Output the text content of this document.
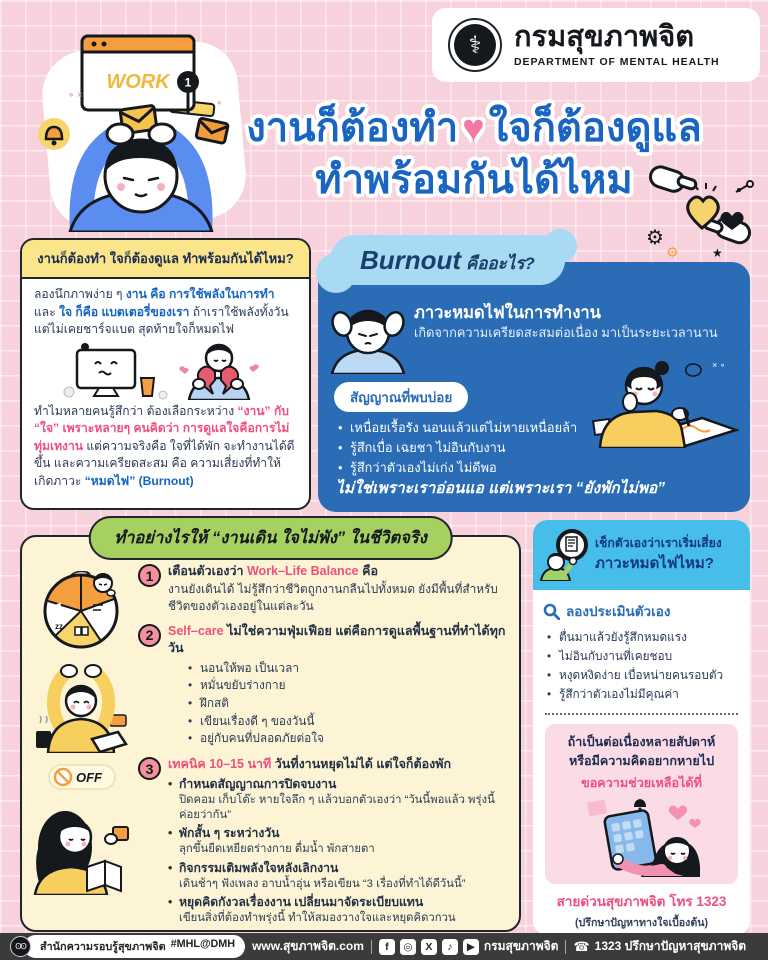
WORK 1
∘ ×
∘
⚕	กรมสุขภาพจิต
DEPARTMENT OF MENTAL HEALTH
งานก็ต้องทำ ♥ ใจก็ต้องดูแล
ทำพร้อมกันได้ไหม
⚙
⚙	★
งานก็ต้องทำ ใจก็ต้องดูแล ทำพร้อมกันได้ไหม?
ลองนึกภาพง่าย ๆ งาน คือ การใช้พลังในการทำ และ ใจ ก็คือ แบตเตอรี่ของเรา ถ้าเราใช้พลังทั้งวันแต่ไม่เคยชาร์จแบต สุดท้ายใจก็หมดไฟ
ทำไมหลายคนรู้สึกว่า ต้องเลือกระหว่าง “งาน” กับ “ใจ” เพราะหลายๆ คนคิดว่า การดูแลใจคือการไม่ทุ่มเทงาน แต่ความจริงคือ ใจที่ได้พัก จะทำงานได้ดีขึ้น และความเครียดสะสม คือ ความเสี่ยงที่ทำให้เกิดภาวะ “หมดไฟ” (Burnout)
Burnout คืออะไร?
ภาวะหมดไฟในการทำงาน
เกิดจากความเครียดสะสมต่อเนื่อง มาเป็นระยะเวลานาน
สัญญาณที่พบบ่อย
• เหนื่อยเรื้อรัง นอนแล้วแต่ไม่หายเหนื่อยล้า
• รู้สึกเบื่อ เฉยชา ไม่อินกับงาน
• รู้สึกว่าตัวเองไม่เก่ง ไม่ดีพอ
× ∘
ไม่ใช่เพราะเราอ่อนแอ แต่เพราะเรา “ยังพักไม่พอ”
ทำอย่างไรให้ “งานเดิน ใจไม่พัง” ในชีวิตจริง
zz
OFF
1	เตือนตัวเองว่า Work–Life Balance คือ
งานยังเดินได้ ไม่รู้สึกว่าชีวิตถูกงานกลืนไปทั้งหมด ยังมีพื้นที่สำหรับชีวิตของตัวเองอยู่ในแต่ละวัน
2	Self–care ไม่ใช่ความฟุ่มเฟือย แต่คือการดูแลพื้นฐานที่ทำได้ทุกวัน
• นอนให้พอ เป็นเวลา
• หมั่นขยับร่างกาย
• ฝึกสติ
• เขียนเรื่องดี ๆ ของวันนี้
• อยู่กับคนที่ปลอดภัยต่อใจ
3	เทคนิค 10–15 นาที วันที่งานหยุดไม่ได้ แต่ใจก็ต้องพัก
• กำหนดสัญญาณการปิดจบงาน
ปิดคอม เก็บโต๊ะ หายใจลึก ๆ แล้วบอกตัวเองว่า “วันนี้พอแล้ว พรุ่งนี้ค่อยว่ากัน”
• พักสั้น ๆ ระหว่างวัน
ลุกขึ้นยืดเหยียดร่างกาย ดื่มน้ำ พักสายตา
• กิจกรรมเติมพลังใจหลังเลิกงาน
เดินช้าๆ ฟังเพลง อาบน้ำอุ่น หรือเขียน “3 เรื่องที่ทำได้ดีวันนี้”
• หยุดคิดกังวลเรื่องงาน เปลี่ยนมาจัดระเบียบแทน
เขียนสิ่งที่ต้องทำพรุ่งนี้ ทำให้สมองวางใจและหยุดคิดวกวน
เช็กตัวเองว่าเราเริ่มเสี่ยง
ภาวะหมดไฟไหม?
ลองประเมินตัวเอง
• ตื่นมาแล้วยังรู้สึกหมดแรง
• ไม่อินกับงานที่เคยชอบ
• หงุดหงิดง่าย เบื่อหน่ายคนรอบตัว
• รู้สึกว่าตัวเองไม่มีคุณค่า
ถ้าเป็นต่อเนื่องหลายสัปดาห์
หรือมีความคิดอยากหายไป
ขอความช่วยเหลือได้ที่
สายด่วนสุขภาพจิต โทร 1323
(ปรึกษาปัญหาทางใจเบื้องต้น)
ʘʘ	สำนักความรอบรู้สุขภาพจิต #MHL@DMH www.สุขภาพจิต.com	f	◎	X	♪	▶ กรมสุขภาพจิต ☎ 1323 ปรึกษาปัญหาสุขภาพจิต
